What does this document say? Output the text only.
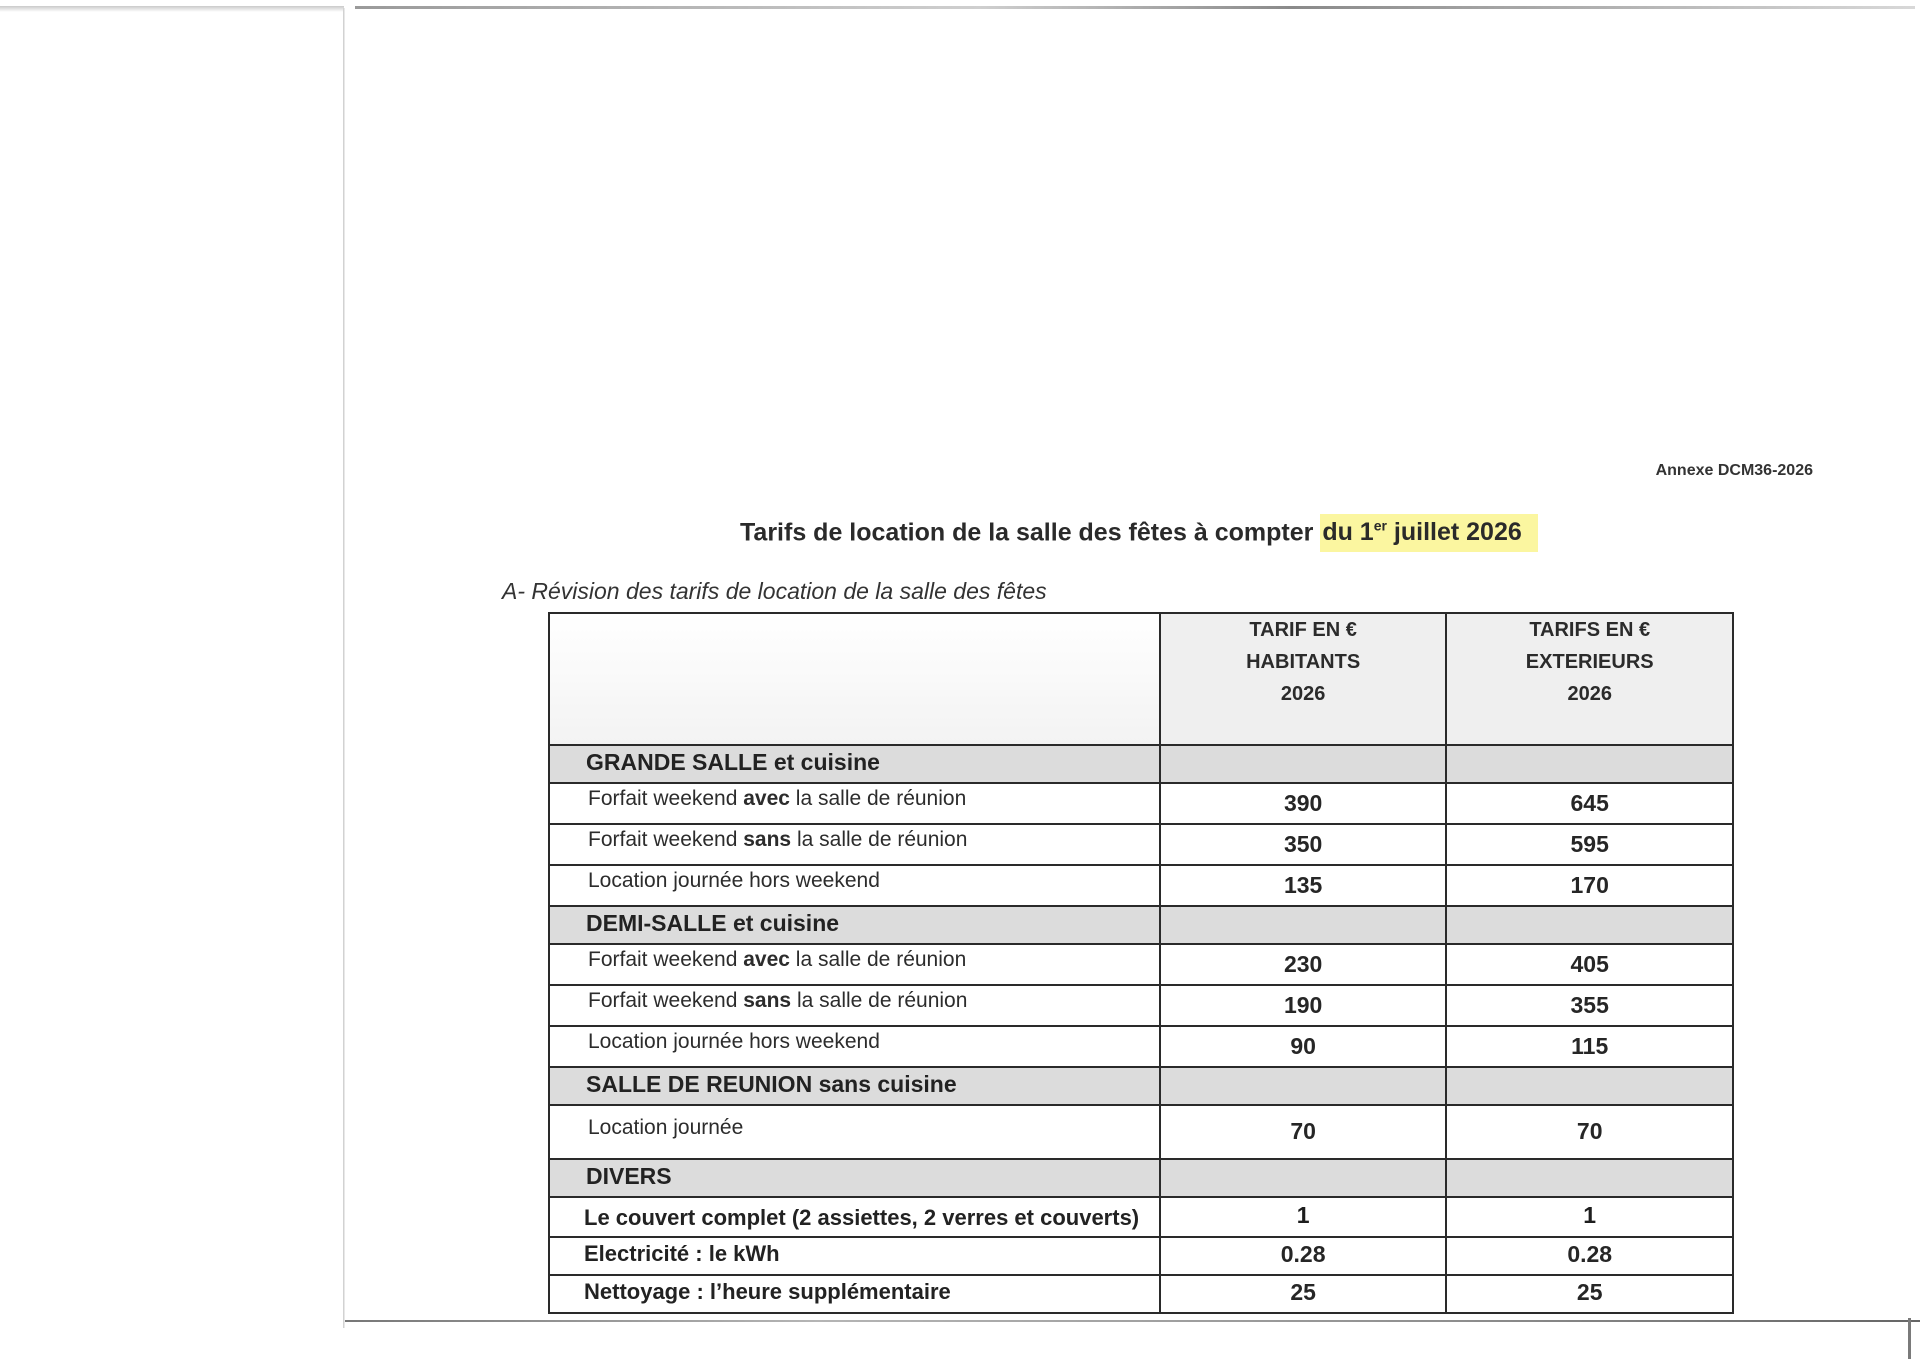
Annexe DCM36-2026
Tarifs de location de la salle des fêtes à compter du 1er juillet 2026
A- Révision des tarifs de location de la salle des fêtes

	TARIF EN €
HABITANTS
2026	TARIFS EN €
EXTERIEURS
2026

GRANDE SALLE et cuisine		
Forfait weekend avec la salle de réunion	390	645
Forfait weekend sans la salle de réunion	350	595
Location journée hors weekend	135	170
DEMI-SALLE et cuisine		
Forfait weekend avec la salle de réunion	230	405
Forfait weekend sans la salle de réunion	190	355
Location journée hors weekend	90	115
SALLE DE REUNION sans cuisine		
Location journée	70	70
DIVERS		
Le couvert complet (2 assiettes, 2 verres et couverts)	1	1
Electricité : le kWh	0.28	0.28
Nettoyage : l’heure supplémentaire	25	25
